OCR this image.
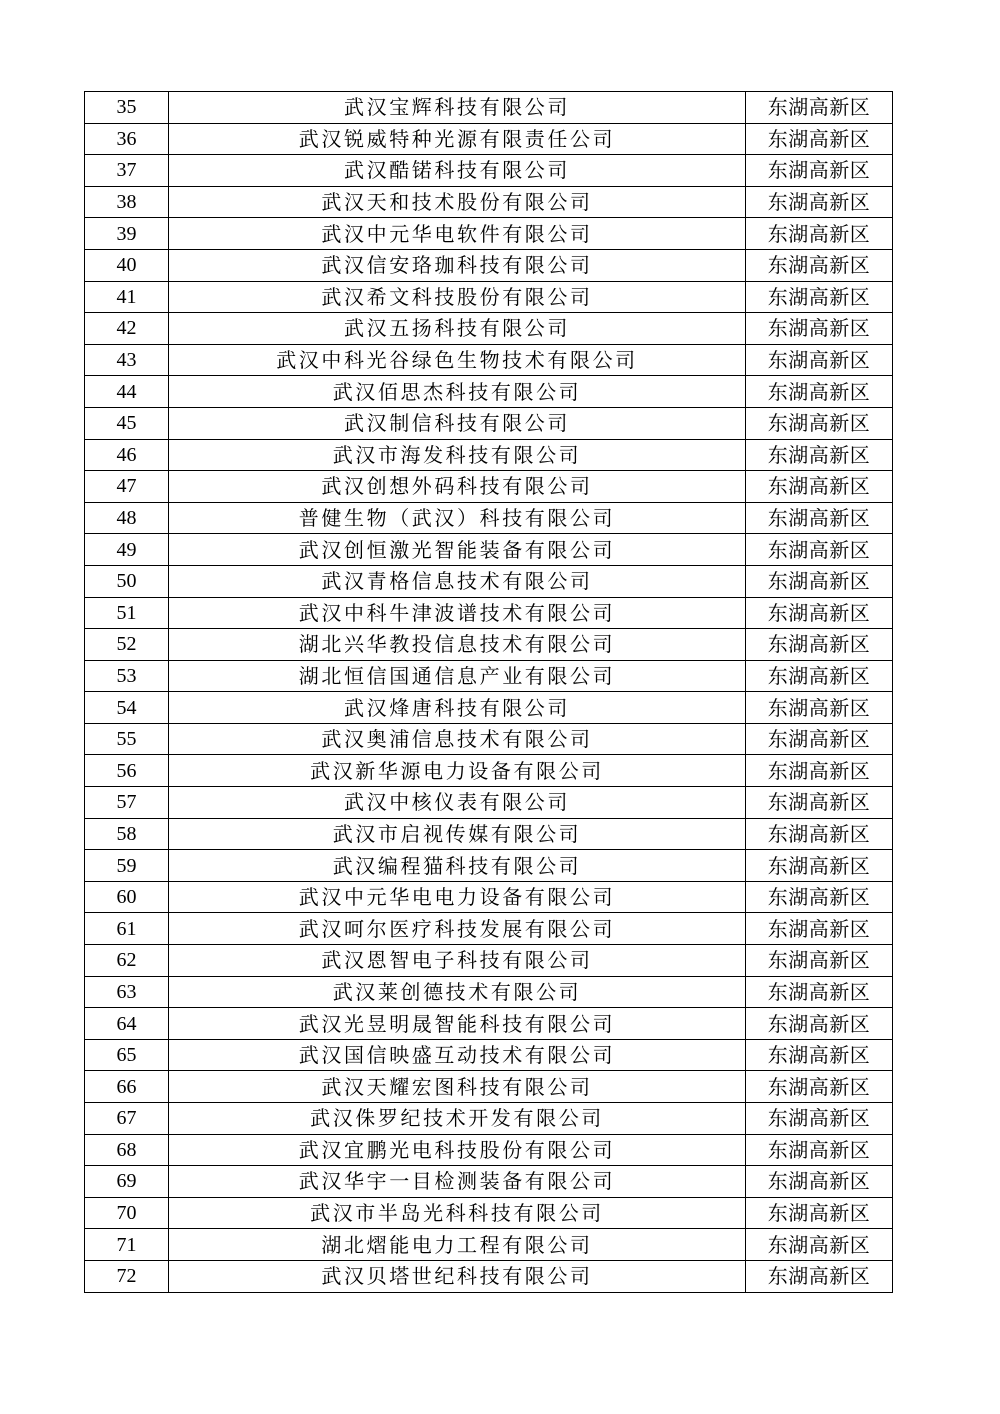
35	武汉宝辉科技有限公司	东湖高新区
36	武汉锐威特种光源有限责任公司	东湖高新区
37	武汉酷锘科技有限公司	东湖高新区
38	武汉天和技术股份有限公司	东湖高新区
39	武汉中元华电软件有限公司	东湖高新区
40	武汉信安珞珈科技有限公司	东湖高新区
41	武汉希文科技股份有限公司	东湖高新区
42	武汉五扬科技有限公司	东湖高新区
43	武汉中科光谷绿色生物技术有限公司	东湖高新区
44	武汉佰思杰科技有限公司	东湖高新区
45	武汉制信科技有限公司	东湖高新区
46	武汉市海发科技有限公司	东湖高新区
47	武汉创想外码科技有限公司	东湖高新区
48	普健生物（武汉）科技有限公司	东湖高新区
49	武汉创恒激光智能装备有限公司	东湖高新区
50	武汉青格信息技术有限公司	东湖高新区
51	武汉中科牛津波谱技术有限公司	东湖高新区
52	湖北兴华教投信息技术有限公司	东湖高新区
53	湖北恒信国通信息产业有限公司	东湖高新区
54	武汉烽唐科技有限公司	东湖高新区
55	武汉奥浦信息技术有限公司	东湖高新区
56	武汉新华源电力设备有限公司	东湖高新区
57	武汉中核仪表有限公司	东湖高新区
58	武汉市启视传媒有限公司	东湖高新区
59	武汉编程猫科技有限公司	东湖高新区
60	武汉中元华电电力设备有限公司	东湖高新区
61	武汉呵尔医疗科技发展有限公司	东湖高新区
62	武汉恩智电子科技有限公司	东湖高新区
63	武汉莱创德技术有限公司	东湖高新区
64	武汉光昱明晟智能科技有限公司	东湖高新区
65	武汉国信映盛互动技术有限公司	东湖高新区
66	武汉天耀宏图科技有限公司	东湖高新区
67	武汉侏罗纪技术开发有限公司	东湖高新区
68	武汉宜鹏光电科技股份有限公司	东湖高新区
69	武汉华宇一目检测装备有限公司	东湖高新区
70	武汉市半岛光科科技有限公司	东湖高新区
71	湖北熠能电力工程有限公司	东湖高新区
72	武汉贝塔世纪科技有限公司	东湖高新区
